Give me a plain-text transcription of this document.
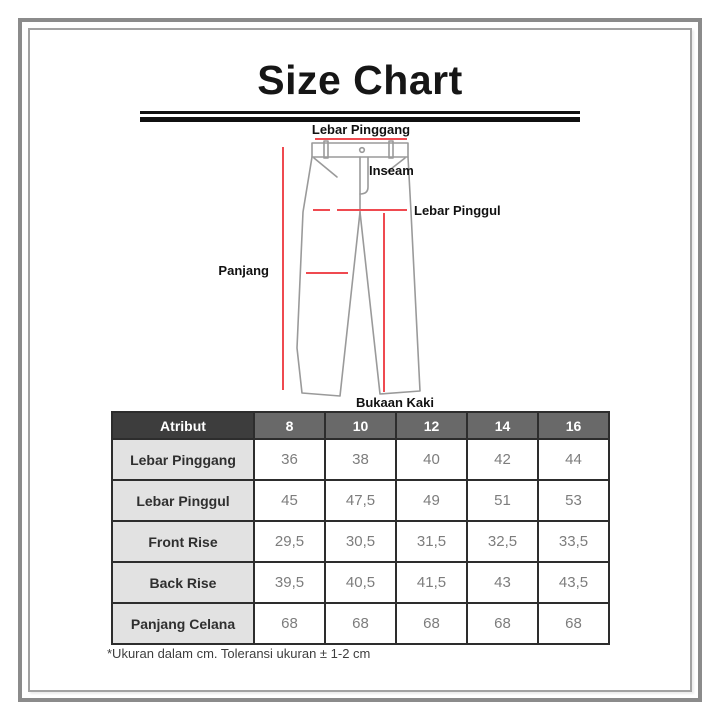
Size Chart
Lebar Pinggang
Inseam
Lebar Pinggul
Panjang
Bukaan Kaki
Atribut	8	10	12	14	16
Lebar Pinggang	36	38	40	42	44
Lebar Pinggul	45	47,5	49	51	53
Front Rise	29,5	30,5	31,5	32,5	33,5
Back Rise	39,5	40,5	41,5	43	43,5
Panjang Celana	68	68	68	68	68
*Ukuran dalam cm. Toleransi ukuran ± 1-2 cm
